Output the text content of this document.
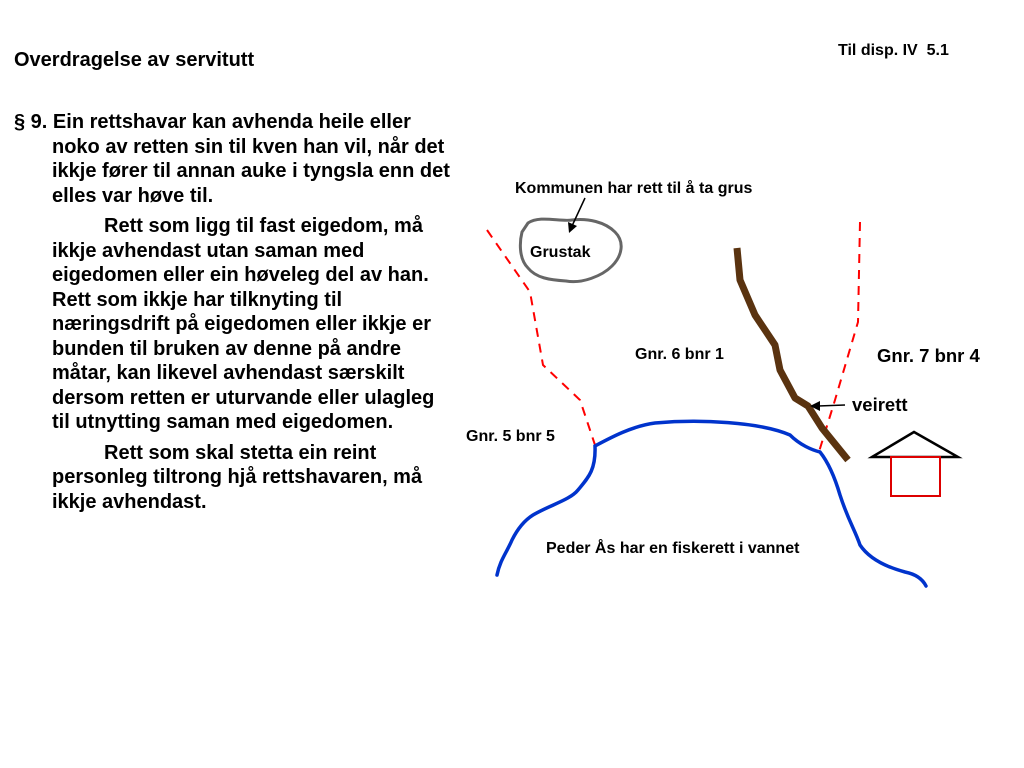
Overdragelse av servitutt	Til disp. IV  5.1

§ 9. Ein rettshavar kan avhenda heile eller noko av retten sin til kven han vil, når det ikkje fører til annan auke i tyngsla enn det elles var høve til.

Rett som ligg til fast eigedom, må ikkje avhendast utan saman med eigedomen eller ein høveleg del av han. Rett som ikkje har tilknyting til næringsdrift på eigedomen eller ikkje er bunden til bruken av denne på andre måtar, kan likevel avhendast særskilt dersom retten er uturvande eller ulagleg til utnytting saman med eigedomen.

Rett som skal stetta ein reint personleg tiltrong hjå rettshavaren, må ikkje avhendast.

Grustak
Kommunen har rett til å ta grus
Gnr. 6 bnr 1	Gnr. 7 bnr 4
Gnr. 5 bnr 5
veirett
Peder Ås har en fiskerett i vannet
